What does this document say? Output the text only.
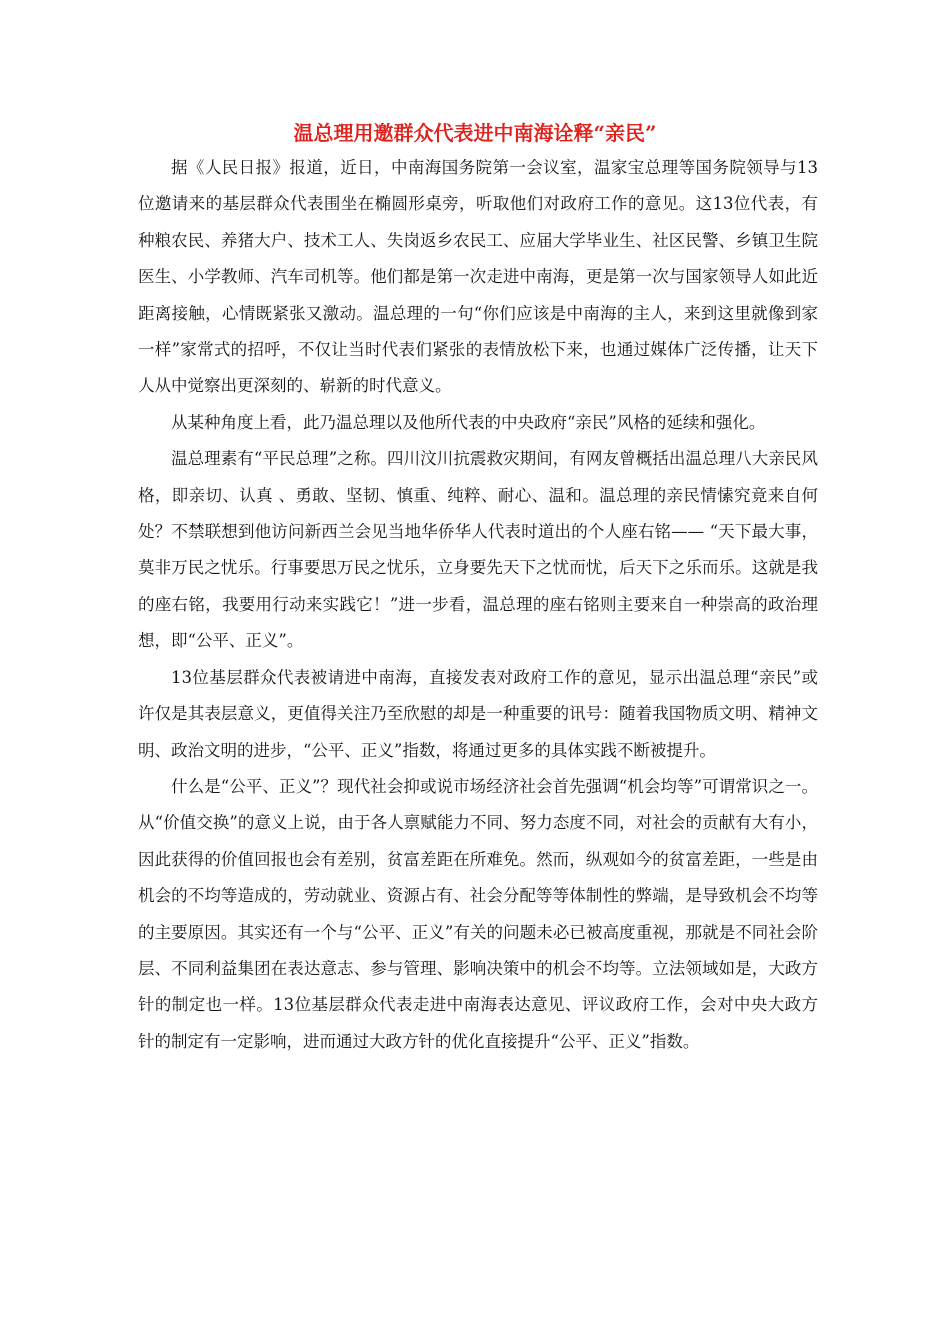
温总理用邀群众代表进中南海诠释“亲民”

据《人民日报》报道，近日，中南海国务院第一会议室，温家宝总理等国务院领导与13位邀请来的基层群众代表围坐在椭圆形桌旁，听取他们对政府工作的意见。这13位代表，有种粮农民、养猪大户、技术工人、失岗返乡农民工、应届大学毕业生、社区民警、乡镇卫生院医生、小学教师、汽车司机等。他们都是第一次走进中南海，更是第一次与国家领导人如此近距离接触，心情既紧张又激动。温总理的一句“你们应该是中南海的主人，来到这里就像到家一样”家常式的招呼，不仅让当时代表们紧张的表情放松下来，也通过媒体广泛传播，让天下人从中觉察出更深刻的、崭新的时代意义。

从某种角度上看，此乃温总理以及他所代表的中央政府“亲民”风格的延续和强化。

温总理素有“平民总理”之称。四川汶川抗震救灾期间，有网友曾概括出温总理八大亲民风格，即亲切、认真 、勇敢、坚韧、慎重、纯粹、耐心、温和。温总理的亲民情愫究竟来自何处？不禁联想到他访问新西兰会见当地华侨华人代表时道出的个人座右铭—— “天下最大事，莫非万民之忧乐。行事要思万民之忧乐，立身要先天下之忧而忧，后天下之乐而乐。这就是我的座右铭，我要用行动来实践它！”进一步看，温总理的座右铭则主要来自一种崇高的政治理想，即“公平、正义”。

13位基层群众代表被请进中南海，直接发表对政府工作的意见，显示出温总理“亲民”或许仅是其表层意义，更值得关注乃至欣慰的却是一种重要的讯号：随着我国物质文明、精神文明、政治文明的进步，“公平、正义”指数，将通过更多的具体实践不断被提升。

什么是“公平、正义”？现代社会抑或说市场经济社会首先强调“机会均等”可谓常识之一。从“价值交换”的意义上说，由于各人禀赋能力不同、努力态度不同，对社会的贡献有大有小，因此获得的价值回报也会有差别，贫富差距在所难免。然而，纵观如今的贫富差距，一些是由机会的不均等造成的，劳动就业、资源占有、社会分配等等体制性的弊端，是导致机会不均等的主要原因。其实还有一个与“公平、正义”有关的问题未必已被高度重视，那就是不同社会阶层、不同利益集团在表达意志、参与管理、影响决策中的机会不均等。立法领域如是，大政方针的制定也一样。13位基层群众代表走进中南海表达意见、评议政府工作，会对中央大政方针的制定有一定影响，进而通过大政方针的优化直接提升“公平、正义”指数。
